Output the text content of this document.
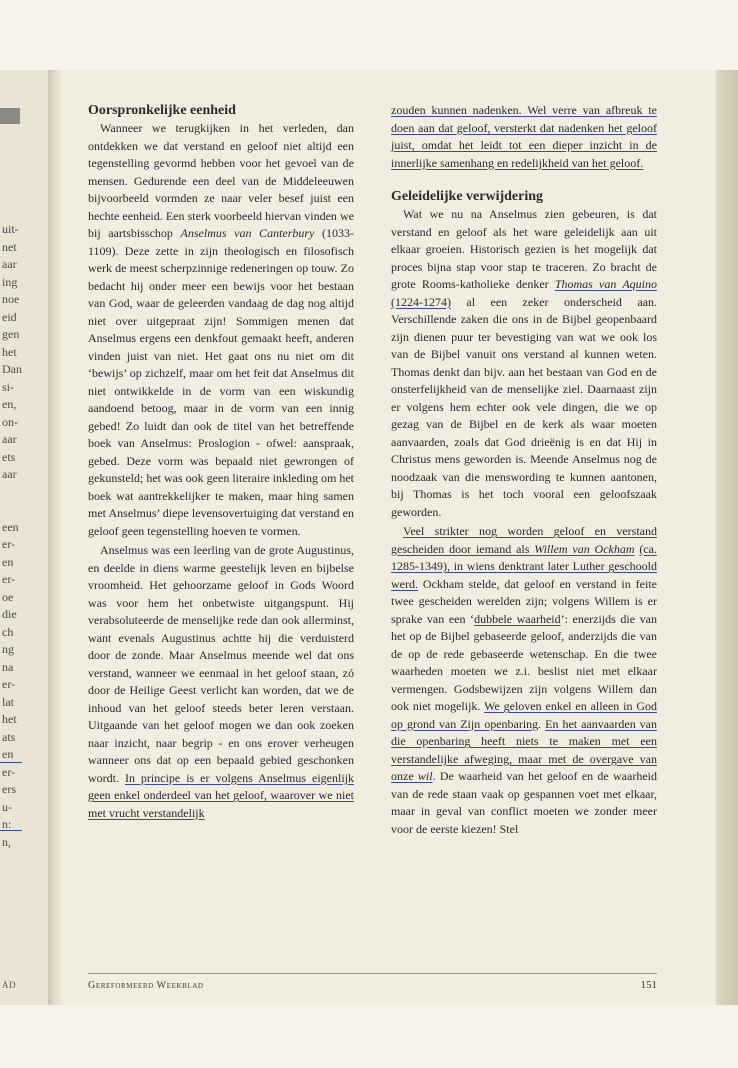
AD
uit-
net
aar
ing
noe
eid
gen
het
Dan
si-
en,
on-
aar
ets
aar
een
er-
en
er-
oe
die
ch
ng
na
er-
lat
het
ats
en
er-
ers
u-
n:
n,
Oorspronkelijke eenheid

Wanneer we terugkijken in het verleden, dan ontdekken we dat verstand en geloof niet altijd een tegenstelling gevormd hebben voor het gevoel van de mensen. Gedurende een deel van de Middeleeuwen bijvoorbeeld vormden ze naar veler besef juist een hechte eenheid. Een sterk voorbeeld hiervan vinden we bij aartsbisschop Anselmus van Canterbury (1033-1109). Deze zette in zijn theologisch en filosofisch werk de meest scherpzinnige redeneringen op touw. Zo bedacht hij onder meer een bewijs voor het bestaan van God, waar de geleerden vandaag de dag nog altijd niet over uitgepraat zijn! Sommigen menen dat Anselmus ergens een denkfout gemaakt heeft, anderen vinden juist van niet. Het gaat ons nu niet om dit ‘bewijs’ op zichzelf, maar om het feit dat Anselmus dit niet ontwikkelde in de vorm van een wiskundig aandoend betoog, maar in de vorm van een innig gebed! Zo luidt dan ook de titel van het betreffende boek van Anselmus: Proslogion - ofwel: aanspraak, gebed. Deze vorm was bepaald niet gewrongen of gekunsteld; het was ook geen literaire inkleding om het boek wat aantrekkelijker te maken, maar hing samen met Anselmus’ diepe levensovertuiging dat verstand en geloof geen tegenstelling hoeven te vormen.

Anselmus was een leerling van de grote Augustinus, en deelde in diens warme geestelijk leven en bijbelse vroomheid. Het gehoorzame geloof in Gods Woord was voor hem het onbetwiste uitgangspunt. Hij verabsoluteerde de menselijke rede dan ook allerminst, want evenals Augustinus achtte hij die verduisterd door de zonde. Maar Anselmus meende wel dat ons verstand, wanneer we eenmaal in het geloof staan, zó door de Heilige Geest verlicht kan worden, dat we de inhoud van het geloof steeds beter leren verstaan. Uitgaande van het geloof mogen we dan ook zoeken naar inzicht, naar begrip - en ons erover verheugen wanneer ons dat op een bepaald gebied geschonken wordt. In principe is er volgens Anselmus eigenlijk geen enkel onderdeel van het geloof, waarover we niet met vrucht verstandelijk

zouden kunnen nadenken. Wel verre van afbreuk te doen aan dat geloof, versterkt dat nadenken het geloof juist, omdat het leidt tot een dieper inzicht in de innerlijke samenhang en redelijkheid van het geloof.

Geleidelijke verwijdering

Wat we nu na Anselmus zien gebeuren, is dat verstand en geloof als het ware geleidelijk aan uit elkaar groeien. Historisch gezien is het mogelijk dat proces bijna stap voor stap te traceren. Zo bracht de grote Rooms-katholieke denker Thomas van Aquino (1224-1274) al een zeker onderscheid aan. Verschillende zaken die ons in de Bijbel geopenbaard zijn dienen puur ter bevestiging van wat we ook los van de Bijbel vanuit ons verstand al kunnen weten. Thomas denkt dan bijv. aan het bestaan van God en de onsterfelijkheid van de menselijke ziel. Daarnaast zijn er volgens hem echter ook vele dingen, die we op gezag van de Bijbel en de kerk als waar moeten aanvaarden, zoals dat God drieënig is en dat Hij in Christus mens geworden is. Meende Anselmus nog de noodzaak van die menswording te kunnen aantonen, bij Thomas is het toch vooral een geloofszaak geworden.

Veel strikter nog worden geloof en verstand gescheiden door iemand als Willem van Ockham (ca. 1285-1349), in wiens denktrant later Luther geschoold werd. Ockham stelde, dat geloof en verstand in feite twee gescheiden werelden zijn; volgens Willem is er sprake van een ‘dubbele waarheid’: enerzijds die van het op de Bijbel gebaseerde geloof, anderzijds die van de op de rede gebaseerde wetenschap. En die twee waarheden moeten we z.i. beslist niet met elkaar vermengen. Godsbewijzen zijn volgens Willem dan ook niet mogelijk. We geloven enkel en alleen in God op grond van Zijn openbaring. En het aanvaarden van die openbaring heeft niets te maken met een verstandelijke afweging, maar met de overgave van onze wil. De waarheid van het geloof en de waarheid van de rede staan vaak op gespannen voet met elkaar, maar in geval van conflict moeten we zonder meer voor de eerste kiezen! Stel

Gereformeerd Weekblad	151
